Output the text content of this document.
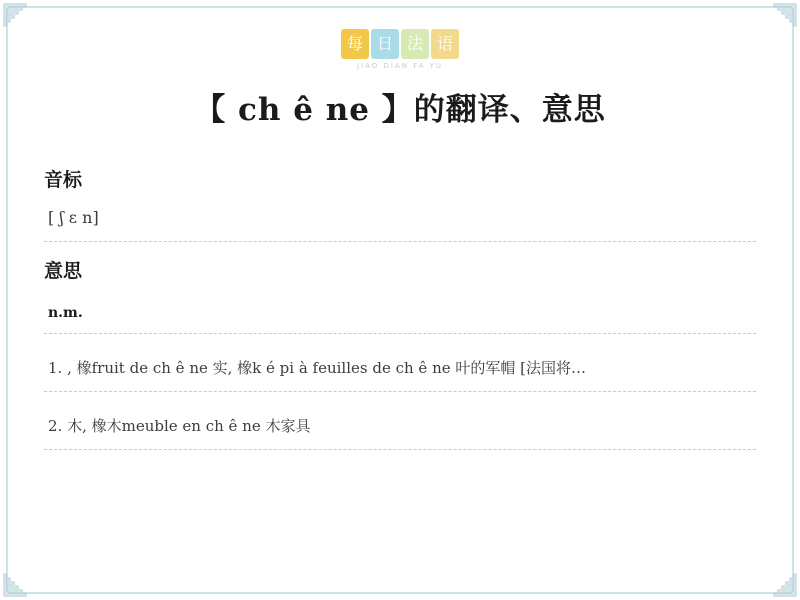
每 日 法 语
JIAO DIAN FA YU
【 ch ê ne 】的翻译、意思
音标
[ ʃ ɛ n]
意思
n.m.
1. , 橡fruit de ch ê ne 实, 橡k é pi à feuilles de ch ê ne 叶的军帽 [法国将…
2. 木, 橡木meuble en ch ê ne 木家具
